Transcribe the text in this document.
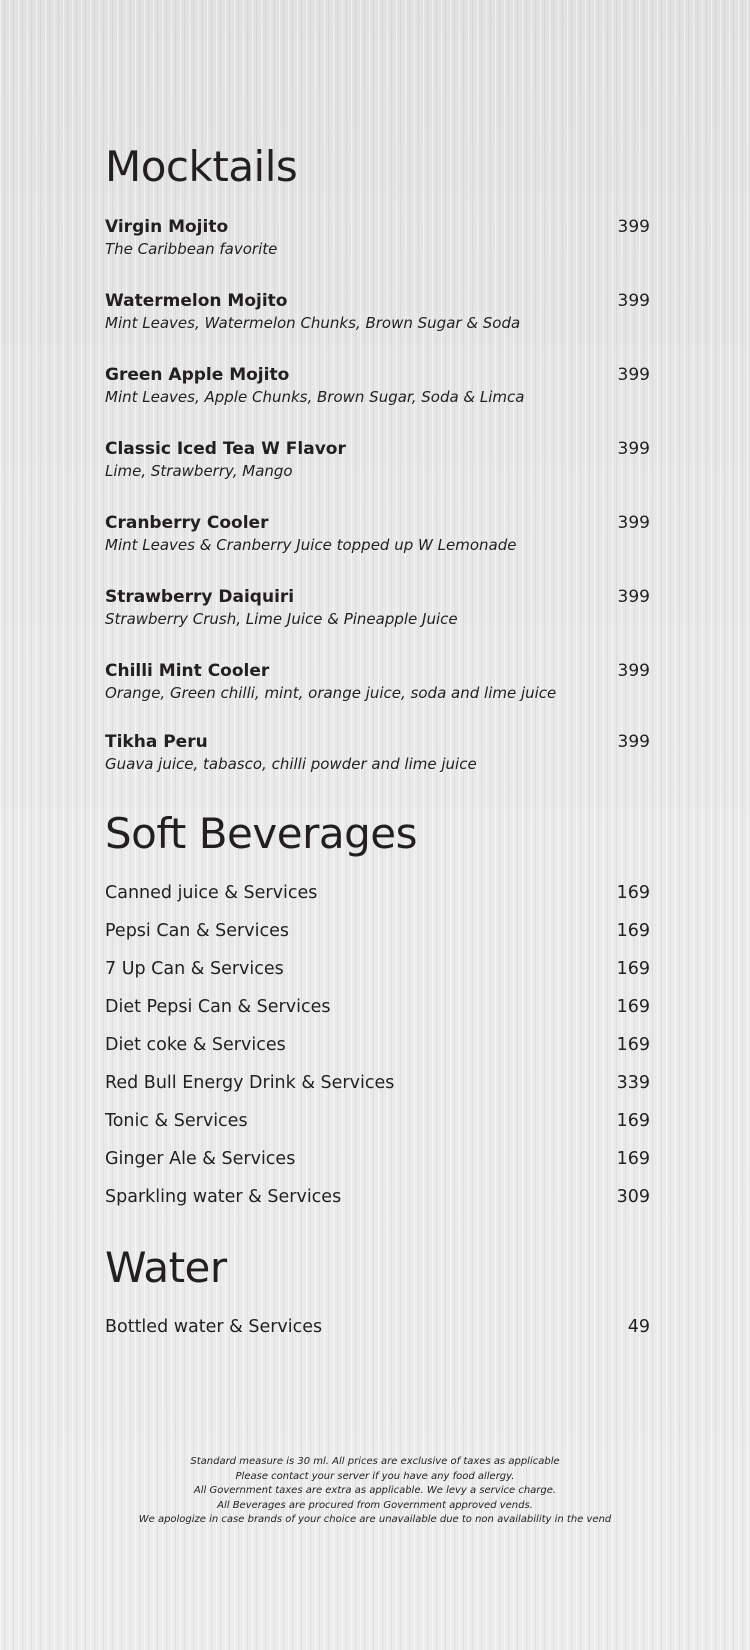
Mocktails
Virgin Mojito	399
The Caribbean favorite
Watermelon Mojito	399
Mint Leaves, Watermelon Chunks, Brown Sugar & Soda
Green Apple Mojito	399
Mint Leaves, Apple Chunks, Brown Sugar, Soda & Limca
Classic Iced Tea W Flavor	399
Lime, Strawberry, Mango
Cranberry Cooler	399
Mint Leaves & Cranberry Juice topped up W Lemonade
Strawberry Daiquiri	399
Strawberry Crush, Lime Juice & Pineapple Juice
Chilli Mint Cooler	399
Orange, Green chilli, mint, orange juice, soda and lime juice
Tikha Peru	399
Guava juice, tabasco, chilli powder and lime juice
Soft Beverages
Canned juice & Services	169
Pepsi Can & Services	169
7 Up Can & Services	169
Diet Pepsi Can & Services	169
Diet coke & Services	169
Red Bull Energy Drink & Services	339
Tonic & Services	169
Ginger Ale & Services	169
Sparkling water & Services	309
Water
Bottled water & Services	49
Standard measure is 30 ml. All prices are exclusive of taxes as applicable
Please contact your server if you have any food allergy.
All Government taxes are extra as applicable. We levy a service charge.
All Beverages are procured from Government approved vends.
We apologize in case brands of your choice are unavailable due to non availability in the vend
